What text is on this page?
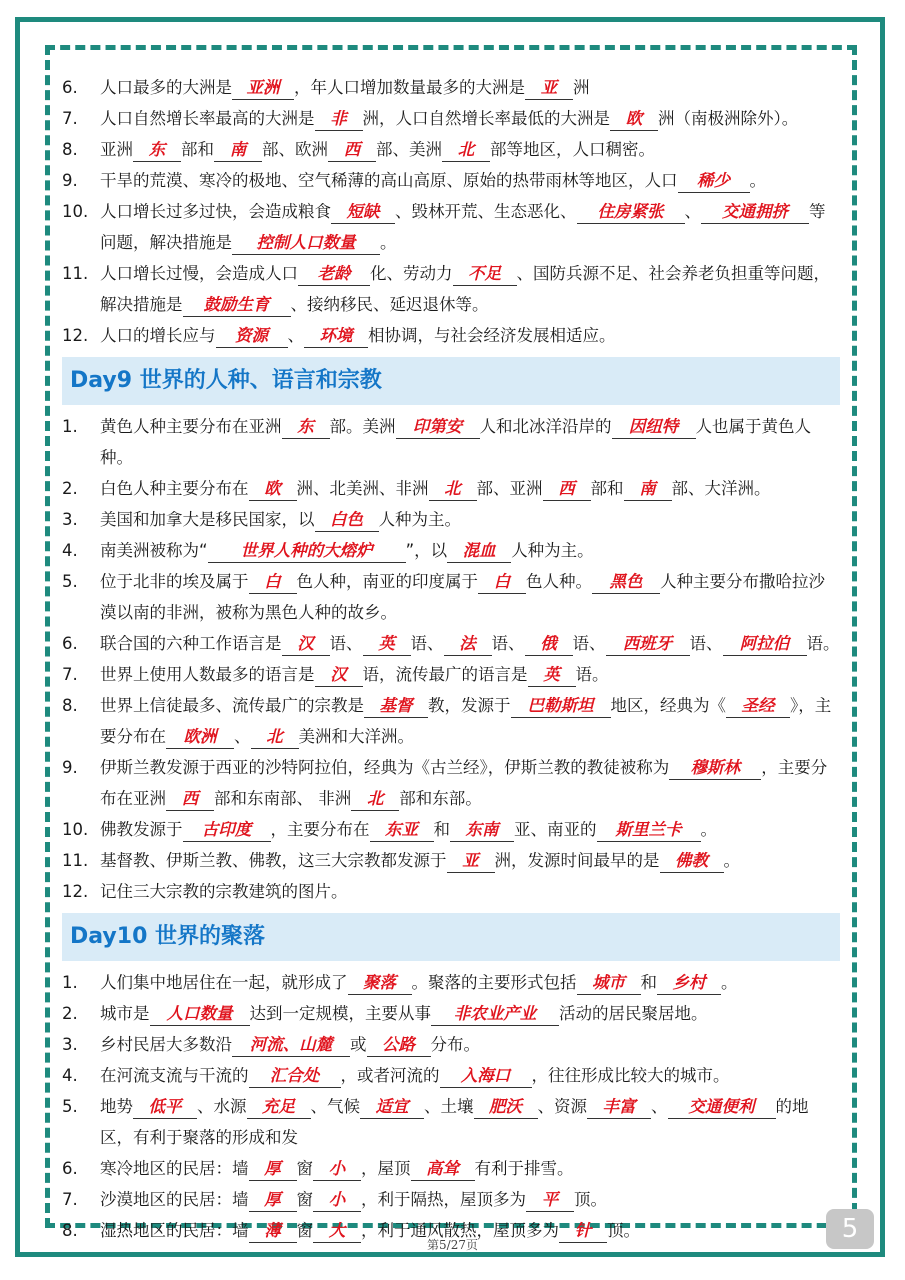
6.	人口最多的大洲是 亚洲 ，年人口增加数量最多的大洲是 亚 洲
7.	人口自然增长率最高的大洲是 非 洲，人口自然增长率最低的大洲是 欧 洲（南极洲除外）。
8.	亚洲 东 部和 南 部、欧洲 西 部、美洲 北 部等地区，人口稠密。
9.	干旱的荒漠、寒冷的极地、空气稀薄的高山高原、原始的热带雨林等地区，人口 稀少 。
10. 人口增长过多过快，会造成粮食 短缺 、毁林开荒、生态恶化、 住房紧张 、 交通拥挤 等问题，解决措施是 控制人口数量 。
11. 人口增长过慢，会造成人口 老龄 化、劳动力 不足 、国防兵源不足、社会养老负担重等问题，解决措施是 鼓励生育 、接纳移民、延迟退休等。
12. 人口的增长应与 资源 、 环境 相协调，与社会经济发展相适应。
Day9 世界的人种、语言和宗教
1.	黄色人种主要分布在亚洲 东 部。美洲 印第安 人和北冰洋沿岸的 因纽特 人也属于黄色人种。
2.	白色人种主要分布在 欧 洲、北美洲、非洲 北 部、亚洲 西 部和 南 部、大洋洲。
3.	美国和加拿大是移民国家，以 白色 人种为主。
4.	南美洲被称为“ 世界人种的大熔炉 ”，以 混血 人种为主。
5.	位于北非的埃及属于 白 色人种，南亚的印度属于 白 色人种。 黑色 人种主要分布撒哈拉沙漠以南的非洲，被称为黑色人种的故乡。
6.	联合国的六种工作语言是 汉 语、 英 语、 法 语、 俄 语、 西班牙 语、 阿拉伯 语。
7.	世界上使用人数最多的语言是 汉 语，流传最广的语言是 英 语。
8.	世界上信徒最多、流传最广的宗教是 基督 教，发源于 巴勒斯坦 地区，经典为《 圣经 》，主要分布在 欧洲 、 北 美洲和大洋洲。
9.	伊斯兰教发源于西亚的沙特阿拉伯，经典为《古兰经》，伊斯兰教的教徒被称为 穆斯林 ，主要分布在亚洲 西 部和东南部、 非洲 北 部和东部。
10. 佛教发源于 古印度 ，主要分布在 东亚 和 东南 亚、南亚的 斯里兰卡 。
11. 基督教、伊斯兰教、佛教，这三大宗教都发源于 亚 洲，发源时间最早的是 佛教 。
12. 记住三大宗教的宗教建筑的图片。
Day10 世界的聚落
1.	人们集中地居住在一起，就形成了 聚落 。聚落的主要形式包括 城市 和 乡村 。
2.	城市是 人口数量 达到一定规模，主要从事 非农业产业 活动的居民聚居地。
3.	乡村民居大多数沿 河流、山麓 或 公路 分布。
4.	在河流支流与干流的 汇合处 ，或者河流的 入海口 ，往往形成比较大的城市。
5.	地势 低平 、水源 充足 、气候 适宜 、土壤 肥沃 、资源 丰富 、 交通便利 的地区，有利于聚落的形成和发
6.	寒冷地区的民居：墙 厚 窗 小 ，屋顶 高耸 有利于排雪。
7.	沙漠地区的民居：墙 厚 窗 小 ，利于隔热，屋顶多为 平 顶。
8.	湿热地区的民居：墙 薄 窗 大 ，利于通风散热，屋顶多为 针 顶。
第5/27页
5
